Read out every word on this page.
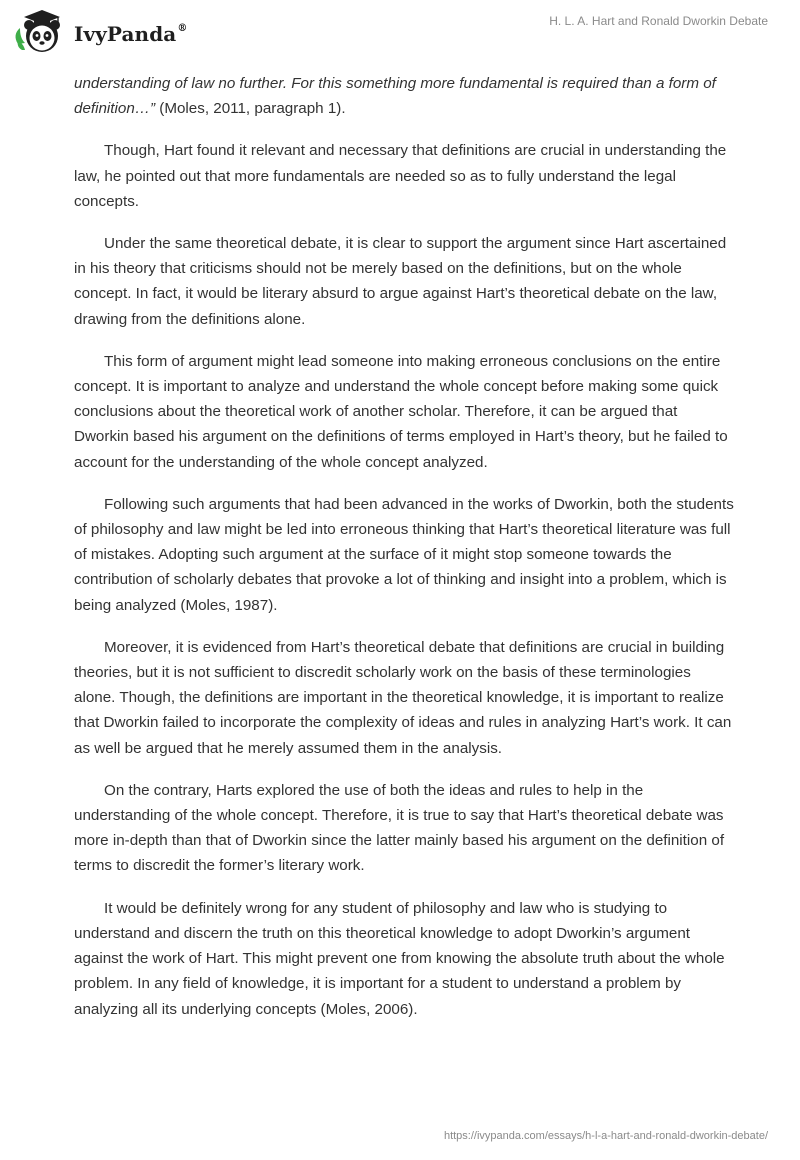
IvyPanda®
H. L. A. Hart and Ronald Dworkin Debate

understanding of law no further. For this something more fundamental is required than a form of definition…” (Moles, 2011, paragraph 1).

Though, Hart found it relevant and necessary that definitions are crucial in understanding the law, he pointed out that more fundamentals are needed so as to fully understand the legal concepts.

Under the same theoretical debate, it is clear to support the argument since Hart ascertained in his theory that criticisms should not be merely based on the definitions, but on the whole concept. In fact, it would be literary absurd to argue against Hart’s theoretical debate on the law, drawing from the definitions alone.

This form of argument might lead someone into making erroneous conclusions on the entire concept. It is important to analyze and understand the whole concept before making some quick conclusions about the theoretical work of another scholar. Therefore, it can be argued that Dworkin based his argument on the definitions of terms employed in Hart’s theory, but he failed to account for the understanding of the whole concept analyzed.

Following such arguments that had been advanced in the works of Dworkin, both the students of philosophy and law might be led into erroneous thinking that Hart’s theoretical literature was full of mistakes. Adopting such argument at the surface of it might stop someone towards the contribution of scholarly debates that provoke a lot of thinking and insight into a problem, which is being analyzed (Moles, 1987).

Moreover, it is evidenced from Hart’s theoretical debate that definitions are crucial in building theories, but it is not sufficient to discredit scholarly work on the basis of these terminologies alone. Though, the definitions are important in the theoretical knowledge, it is important to realize that Dworkin failed to incorporate the complexity of ideas and rules in analyzing Hart’s work. It can as well be argued that he merely assumed them in the analysis.

On the contrary, Harts explored the use of both the ideas and rules to help in the understanding of the whole concept. Therefore, it is true to say that Hart’s theoretical debate was more in-depth than that of Dworkin since the latter mainly based his argument on the definition of terms to discredit the former’s literary work.

It would be definitely wrong for any student of philosophy and law who is studying to understand and discern the truth on this theoretical knowledge to adopt Dworkin’s argument against the work of Hart. This might prevent one from knowing the absolute truth about the whole problem. In any field of knowledge, it is important for a student to understand a problem by analyzing all its underlying concepts (Moles, 2006).

https://ivypanda.com/essays/h-l-a-hart-and-ronald-dworkin-debate/
